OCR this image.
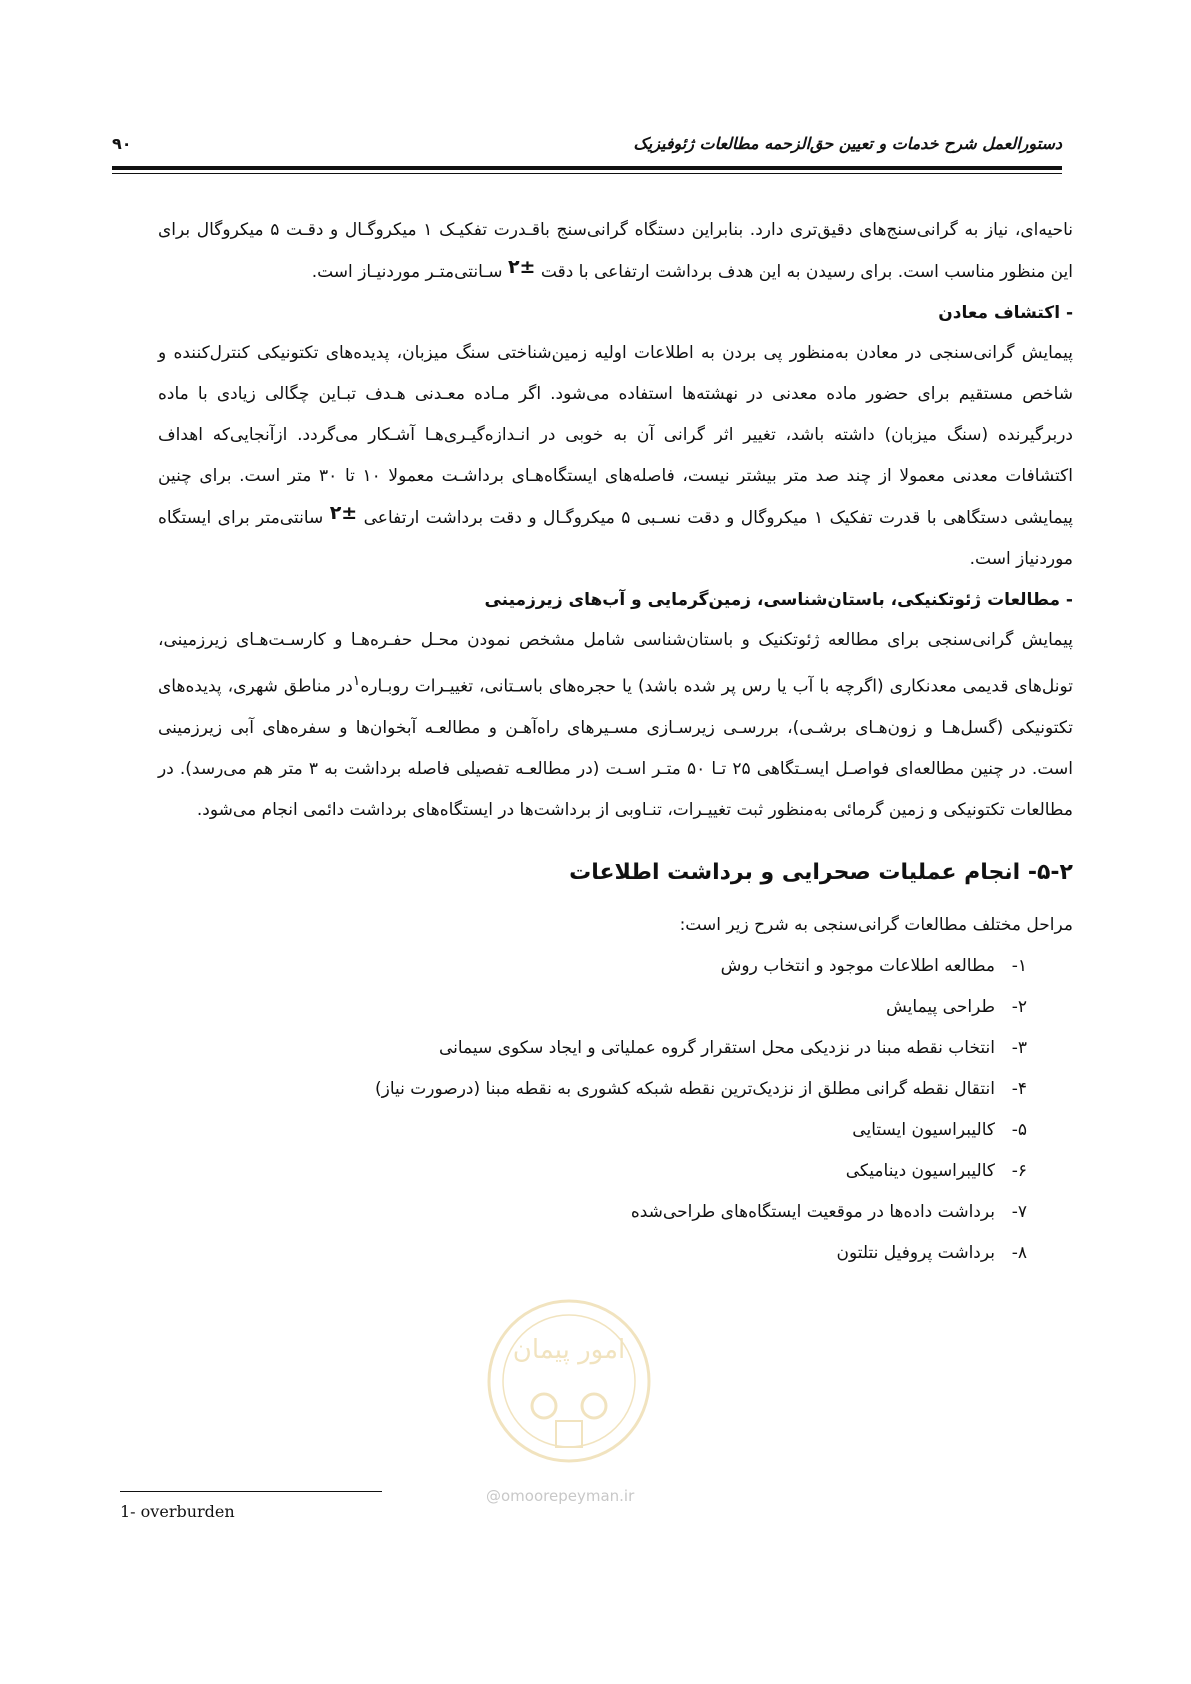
دستورالعمل شرح خدمات و تعیین حق‌الزحمه مطالعات ژئوفیزیک
۹۰

ناحیه‌ای، نیاز به گرانی‌سنج‌های دقیق‌تری دارد. بنابراین دستگاه گرانی‌سنج باقـدرت تفکیـک ۱ میکروگـال و دقـت ۵ میکروگال برای این منظور مناسب است. برای رسیدن به این هدف برداشت ارتفاعی با دقت ۲± سـانتی‌متـر موردنیـاز است.

- اکتشاف معادن

پیمایش گرانی‌سنجی در معادن به‌منظور پی بردن به اطلاعات اولیه زمین‌شناختی سنگ میزبان، پدیده‌های تکتونیکی کنترل‌کننده و شاخص مستقیم برای حضور ماده معدنی در نهشته‌ها استفاده می‌شود. اگر مـاده معـدنی هـدف تبـاین چگالی زیادی با ماده دربرگیرنده (سنگ میزبان) داشته باشد، تغییر اثر گرانی آن به خوبی در انـدازه‌گیـری‌هـا آشـکار می‌گردد. ازآنجایی‌که اهداف اکتشافات معدنی معمولا از چند صد متر بیشتر نیست، فاصله‌های ایستگاه‌هـای برداشـت معمولا ۱۰ تا ۳۰ متر است. برای چنین پیمایشی دستگاهی با قدرت تفکیک ۱ میکروگال و دقت نسـبی ۵ میکروگـال و دقت برداشت ارتفاعی ۲± سانتی‌متر برای ایستگاه موردنیاز است.

- مطالعات ژئوتکنیکی، باستان‌شناسی، زمین‌گرمایی و آب‌های زیرزمینی

پیمایش گرانی‌سنجی برای مطالعه ژئوتکنیک و باستان‌شناسی شامل مشخص نمودن محـل حفـره‌هـا و کارسـت‌هـای زیرزمینی، تونل‌های قدیمی معدنکاری (اگرچه با آب یا رس پر شده باشد) یا حجره‌های باسـتانی، تغییـرات روبـاره$^۱$در مناطق شهری، پدیده‌های تکتونیکی (گسل‌هـا و زون‌هـای برشـی)، بررسـی زیرسـازی مسـیرهای راه‌آهـن و مطالعـه آبخوان‌ها و سفره‌های آبی زیرزمینی است. در چنین مطالعه‌ای فواصـل ایسـتگاهی ۲۵ تـا ۵۰ متـر اسـت (در مطالعـه تفصیلی فاصله برداشت به ۳ متر هم می‌رسد). در مطالعات تکتونیکی و زمین گرمائی به‌منظور ثبت تغییـرات، تنـاوبی از برداشت‌ها در ایستگاه‌های برداشت دائمی انجام می‌شود.

۵-۲- انجام عملیات صحرایی و برداشت اطلاعات

مراحل مختلف مطالعات گرانی‌سنجی به شرح زیر است:

۱-مطالعه اطلاعات موجود و انتخاب روش
۲-طراحی پیمایش
۳-انتخاب نقطه مبنا در نزدیکی محل استقرار گروه عملیاتی و ایجاد سکوی سیمانی
۴-انتقال نقطه گرانی مطلق از نزدیک‌ترین نقطه شبکه کشوری به نقطه مبنا (درصورت نیاز)
۵-کالیبراسیون ایستایی
۶-کالیبراسیون دینامیکی
۷-برداشت داده‌ها در موقعیت ایستگاه‌های طراحی‌شده
۸-برداشت پروفیل نتلتون
امور پیمان
@omoorepeyman.ir
1- overburden
